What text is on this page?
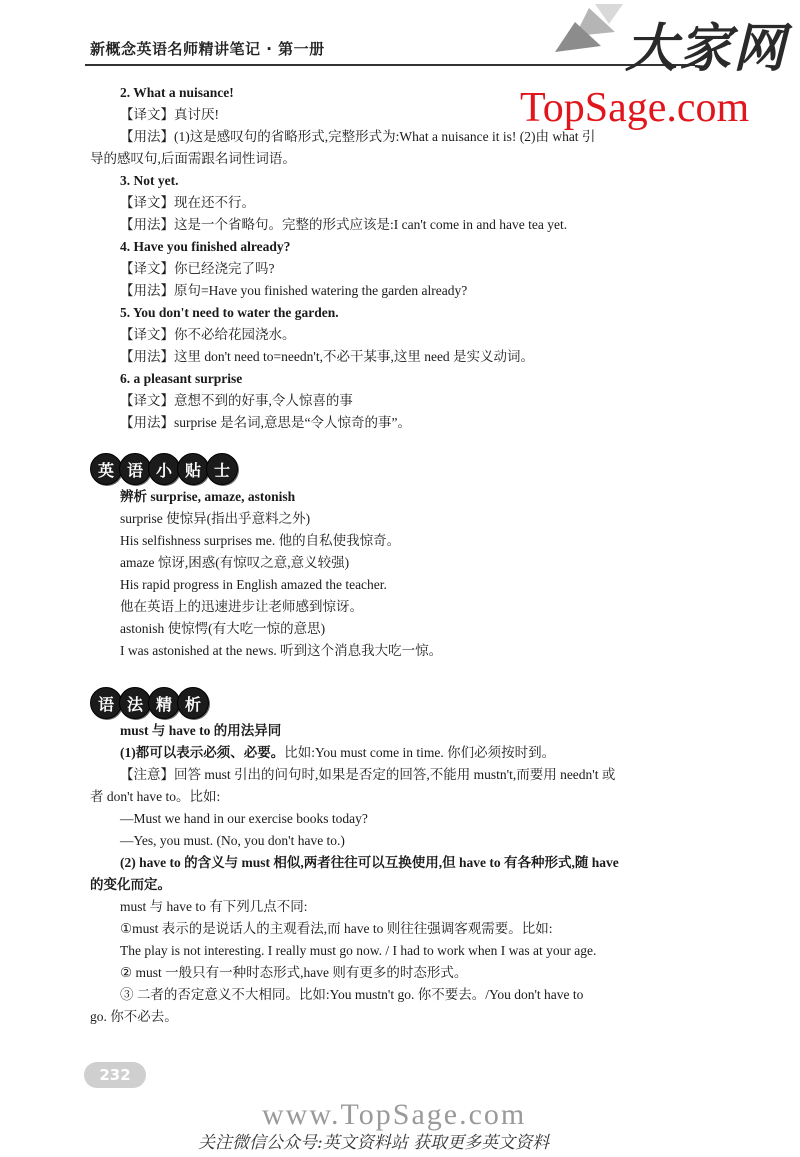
新概念英语名师精讲笔记 · 第一册	大家网
TopSage.com
2. What a nuisance!
【译文】真讨厌!
【用法】(1)这是感叹句的省略形式,完整形式为:What a nuisance it is! (2)由 what 引
导的感叹句,后面需跟名词性词语。
3. Not yet.
【译文】现在还不行。
【用法】这是一个省略句。完整的形式应该是:I can't come in and have tea yet.
4. Have you finished already?
【译文】你已经浇完了吗?
【用法】原句=Have you finished watering the garden already?
5. You don't need to water the garden.
【译文】你不必给花园浇水。
【用法】这里 don't need to=needn't,不必干某事,这里 need 是实义动词。
6. a pleasant surprise
【译文】意想不到的好事,令人惊喜的事
【用法】surprise 是名词,意思是“令人惊奇的事”。
英 语 小 贴 士
辨析 surprise, amaze, astonish
surprise 使惊异(指出乎意料之外)
His selfishness surprises me. 他的自私使我惊奇。
amaze 惊讶,困惑(有惊叹之意,意义较强)
His rapid progress in English amazed the teacher.
他在英语上的迅速进步让老师感到惊讶。
astonish 使惊愕(有大吃一惊的意思)
I was astonished at the news. 听到这个消息我大吃一惊。
语 法 精 析
must 与 have to 的用法异同
(1)都可以表示必须、必要。比如:You must come in time. 你们必须按时到。
【注意】回答 must 引出的问句时,如果是否定的回答,不能用 mustn't,而要用 needn't 或
者 don't have to。比如:
—Must we hand in our exercise books today?
—Yes, you must. (No, you don't have to.)
(2) have to 的含义与 must 相似,两者往往可以互换使用,但 have to 有各种形式,随 have
的变化而定。
must 与 have to 有下列几点不同:
①must 表示的是说话人的主观看法,而 have to 则往往强调客观需要。比如:
The play is not interesting. I really must go now. / I had to work when I was at your age.
② must 一般只有一种时态形式,have 则有更多的时态形式。
③ 二者的否定意义不大相同。比如:You mustn't go. 你不要去。/You don't have to
go. 你不必去。
232
www.TopSage.com
关注微信公众号:英文资料站 获取更多英文资料
